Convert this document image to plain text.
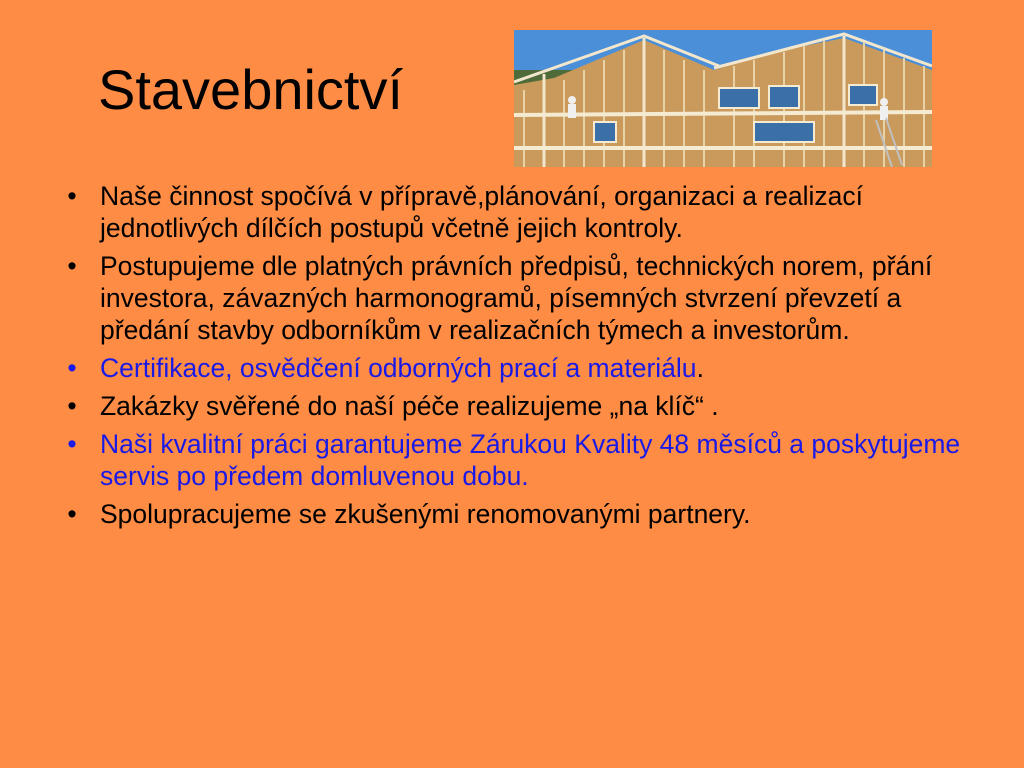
Stavebnictví
• Naše činnost spočívá v přípravě,plánování, organizaci a realizací jednotlivých dílčích postupů včetně jejich kontroly.
• Postupujeme dle platných právních předpisů, technických norem, přání investora, závazných harmonogramů, písemných stvrzení převzetí a předání stavby odborníkům v realizačních týmech a investorům.
• Certifikace, osvědčení odborných prací a materiálu.
• Zakázky svěřené do naší péče realizujeme „na klíč“ .
• Naši kvalitní práci garantujeme Zárukou Kvality 48 měsíců a poskytujeme servis po předem domluvenou dobu.
• Spolupracujeme se zkušenými renomovanými partnery.
